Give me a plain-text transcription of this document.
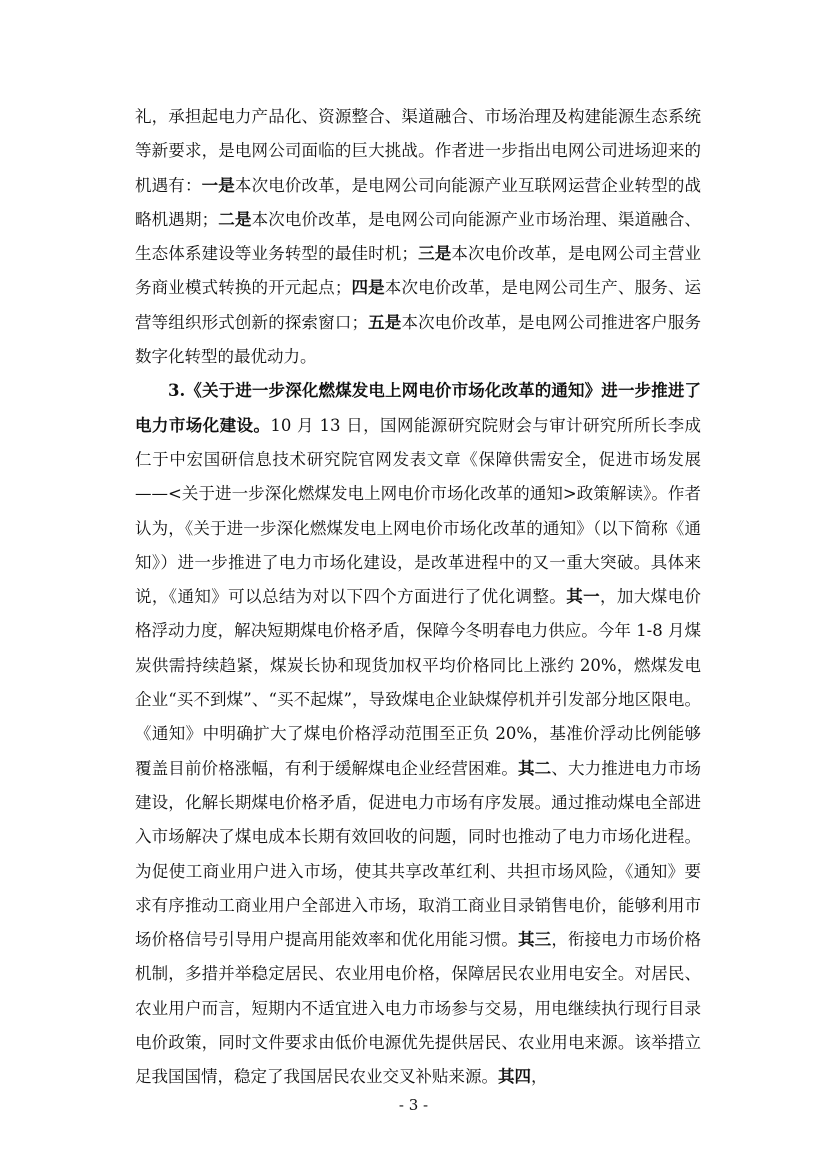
礼，承担起电力产品化、资源整合、渠道融合、市场治理及构建能源生态系统等新要求，是电网公司面临的巨大挑战。作者进一步指出电网公司进场迎来的机遇有：一是本次电价改革，是电网公司向能源产业互联网运营企业转型的战略机遇期；二是本次电价改革，是电网公司向能源产业市场治理、渠道融合、生态体系建设等业务转型的最佳时机；三是本次电价改革，是电网公司主营业务商业模式转换的开元起点；四是本次电价改革，是电网公司生产、服务、运营等组织形式创新的探索窗口；五是本次电价改革，是电网公司推进客户服务数字化转型的最优动力。

3.《关于进一步深化燃煤发电上网电价市场化改革的通知》进一步推进了电力市场化建设。10 月 13 日，国网能源研究院财会与审计研究所所长李成仁于中宏国研信息技术研究院官网发表文章《保障供需安全，促进市场发展——<关于进一步深化燃煤发电上网电价市场化改革的通知>政策解读》。作者认为，《关于进一步深化燃煤发电上网电价市场化改革的通知》（以下简称《通知》）进一步推进了电力市场化建设，是改革进程中的又一重大突破。具体来说，《通知》可以总结为对以下四个方面进行了优化调整。其一，加大煤电价格浮动力度，解决短期煤电价格矛盾，保障今冬明春电力供应。今年 1-8 月煤炭供需持续趋紧，煤炭长协和现货加权平均价格同比上涨约 20%，燃煤发电企业“买不到煤”、“买不起煤”，导致煤电企业缺煤停机并引发部分地区限电。《通知》中明确扩大了煤电价格浮动范围至正负 20%，基准价浮动比例能够覆盖目前价格涨幅，有利于缓解煤电企业经营困难。其二、大力推进电力市场建设，化解长期煤电价格矛盾，促进电力市场有序发展。通过推动煤电全部进入市场解决了煤电成本长期有效回收的问题，同时也推动了电力市场化进程。为促使工商业用户进入市场，使其共享改革红利、共担市场风险，《通知》要求有序推动工商业用户全部进入市场，取消工商业目录销售电价，能够利用市场价格信号引导用户提高用能效率和优化用能习惯。其三，衔接电力市场价格机制，多措并举稳定居民、农业用电价格，保障居民农业用电安全。对居民、农业用户而言，短期内不适宜进入电力市场参与交易，用电继续执行现行目录电价政策，同时文件要求由低价电源优先提供居民、农业用电来源。该举措立足我国国情，稳定了我国居民农业交叉补贴来源。其四，

- 3 -
